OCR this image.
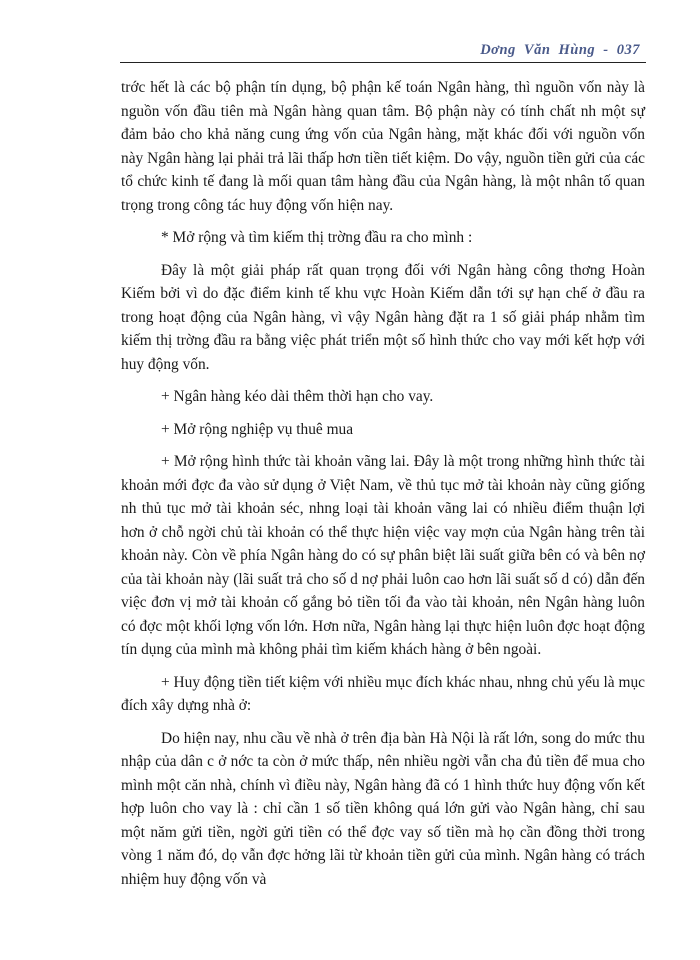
Dơng Văn Hùng - 037

trớc hết là các bộ phận tín dụng, bộ phận kế toán Ngân hàng, thì nguồn vốn này là nguồn vốn đầu tiên mà Ngân hàng quan tâm. Bộ phận này có tính chất nh một sự đảm bảo cho khả năng cung ứng vốn của Ngân hàng, mặt khác đối với nguồn vốn này Ngân hàng lại phải trả lãi thấp hơn tiền tiết kiệm. Do vậy, nguồn tiền gửi của các tổ chức kinh tế đang là mối quan tâm hàng đầu của Ngân hàng, là một nhân tố quan trọng trong công tác huy động vốn hiện nay.

* Mở rộng và tìm kiếm thị trờng đầu ra cho mình :

Đây là một giải pháp rất quan trọng đối với Ngân hàng công thơng Hoàn Kiếm bởi vì do đặc điểm kinh tế khu vực Hoàn Kiếm dẫn tới sự hạn chế ở đầu ra trong hoạt động của Ngân hàng, vì vậy Ngân hàng đặt ra 1 số giải pháp nhằm tìm kiếm thị trờng đầu ra bằng việc phát triển một số hình thức cho vay mới kết hợp với huy động vốn.

+ Ngân hàng kéo dài thêm thời hạn cho vay.

+ Mở rộng nghiệp vụ thuê mua

+ Mở rộng hình thức tài khoản vãng lai. Đây là một trong những hình thức tài khoản mới đợc đa vào sử dụng ở Việt Nam, về thủ tục mở tài khoản này cũng giống nh thủ tục mở tài khoản séc, nhng loại tài khoản vãng lai có nhiều điểm thuận lợi hơn ở chỗ ngời chủ tài khoản có thể thực hiện việc vay mợn của Ngân hàng trên tài khoản này. Còn về phía Ngân hàng do có sự phân biệt lãi suất giữa bên có và bên nợ của tài khoản này (lãi suất trả cho số d nợ phải luôn cao hơn lãi suất số d có) dẫn đến việc đơn vị mở tài khoản cố gắng bỏ tiền tối đa vào tài khoản, nên Ngân hàng luôn có đợc một khối lợng vốn lớn. Hơn nữa, Ngân hàng lại thực hiện luôn đợc hoạt động tín dụng của mình mà không phải tìm kiếm khách hàng ở bên ngoài.

+ Huy động tiền tiết kiệm với nhiều mục đích khác nhau, nhng chủ yếu là mục đích xây dựng nhà ở:

Do hiện nay, nhu cầu về nhà ở trên địa bàn Hà Nội là rất lớn, song do mức thu nhập của dân c ở nớc ta còn ở mức thấp, nên nhiều ngời vẫn cha đủ tiền để mua cho mình một căn nhà, chính vì điều này, Ngân hàng đã có 1 hình thức huy động vốn kết hợp luôn cho vay là : chỉ cần 1 số tiền không quá lớn gửi vào Ngân hàng, chỉ sau một năm gửi tiền, ngời gửi tiền có thể đợc vay số tiền mà họ cần đồng thời trong vòng 1 năm đó, dọ vẫn đợc hởng lãi từ khoản tiền gửi của mình. Ngân hàng có trách nhiệm huy động vốn và
